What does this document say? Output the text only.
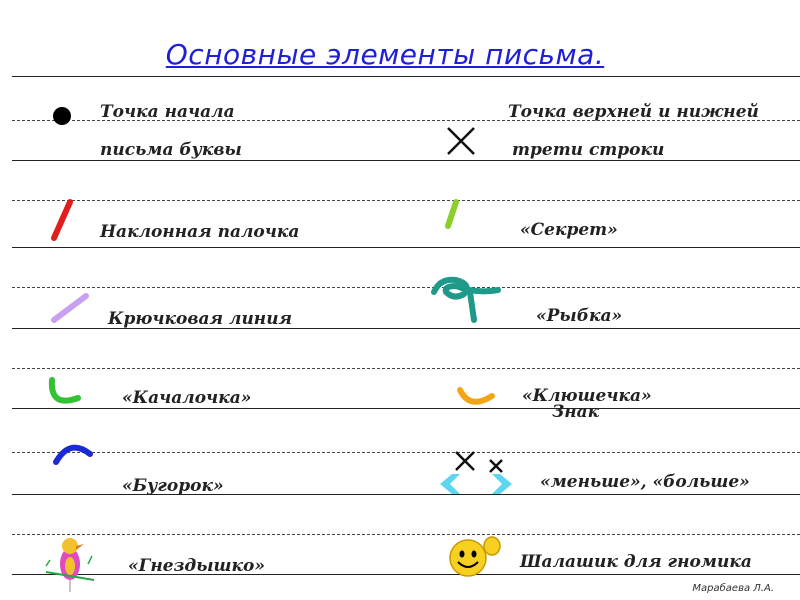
Основные элементы письма.
Точка начала
письма буквы
Наклонная палочка
Крючковая линия
«Качалочка»
«Бугорок»
«Гнездышко»
Точка верхней и нижней
трети строки
«Секрет»
«Рыбка»
«Клюшечка»
Знак
«меньше», «больше»
Шалашик для гномика
Марабаева Л.А.
